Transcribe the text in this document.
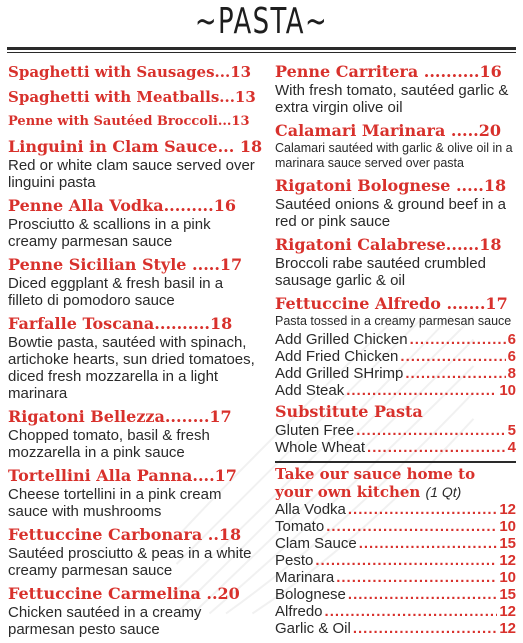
~PASTA~
Spaghetti with Sausages...13
Spaghetti with Meatballs...13
Penne with Sautéed Broccoli...13
Linguini in Clam Sauce... 18
Red or white clam sauce served over linguini pasta
Penne Alla Vodka.........16
Prosciutto & scallions in a pink creamy parmesan sauce
Penne Sicilian Style .....17
Diced eggplant & fresh basil in a filleto di pomodoro sauce
Farfalle Toscana..........18
Bowtie pasta, sautéed with spinach, artichoke hearts, sun dried tomatoes, diced fresh mozzarella in a light marinara
Rigatoni Bellezza........17
Chopped tomato, basil & fresh mozzarella in a pink sauce
Tortellini Alla Panna....17
Cheese tortellini in a pink cream sauce with mushrooms
Fettuccine Carbonara ..18
Sautéed prosciutto & peas in a white creamy parmesan sauce
Fettuccine Carmelina ..20
Chicken sautéed in a creamy parmesan pesto sauce
Penne Carritera ..........16
With fresh tomato, sautéed garlic & extra virgin olive oil
Calamari Marinara .....20
Calamari sautéed with garlic & olive oil in a marinara sauce served over pasta
Rigatoni Bolognese .....18
Sautéed onions & ground beef in a red or pink sauce
Rigatoni Calabrese......18
Broccoli rabe sautéed crumbled sausage garlic & oil
Fettuccine Alfredo .......17
Pasta tossed in a creamy parmesan sauce
Add Grilled Chicken .....	6
Add Fried Chicken .....	6
Add Grilled SHrimp .....	8
Add Steak .....	10
Substitute Pasta
Gluten Free .....	5
Whole Wheat .....	4
Take our sauce home to your own kitchen (1 Qt)
Alla Vodka .....	12
Tomato .....	10
Clam Sauce .....	15
Pesto .....	12
Marinara .....	10
Bolognese .....	15
Alfredo .....	12
Garlic & Oil .....	12
